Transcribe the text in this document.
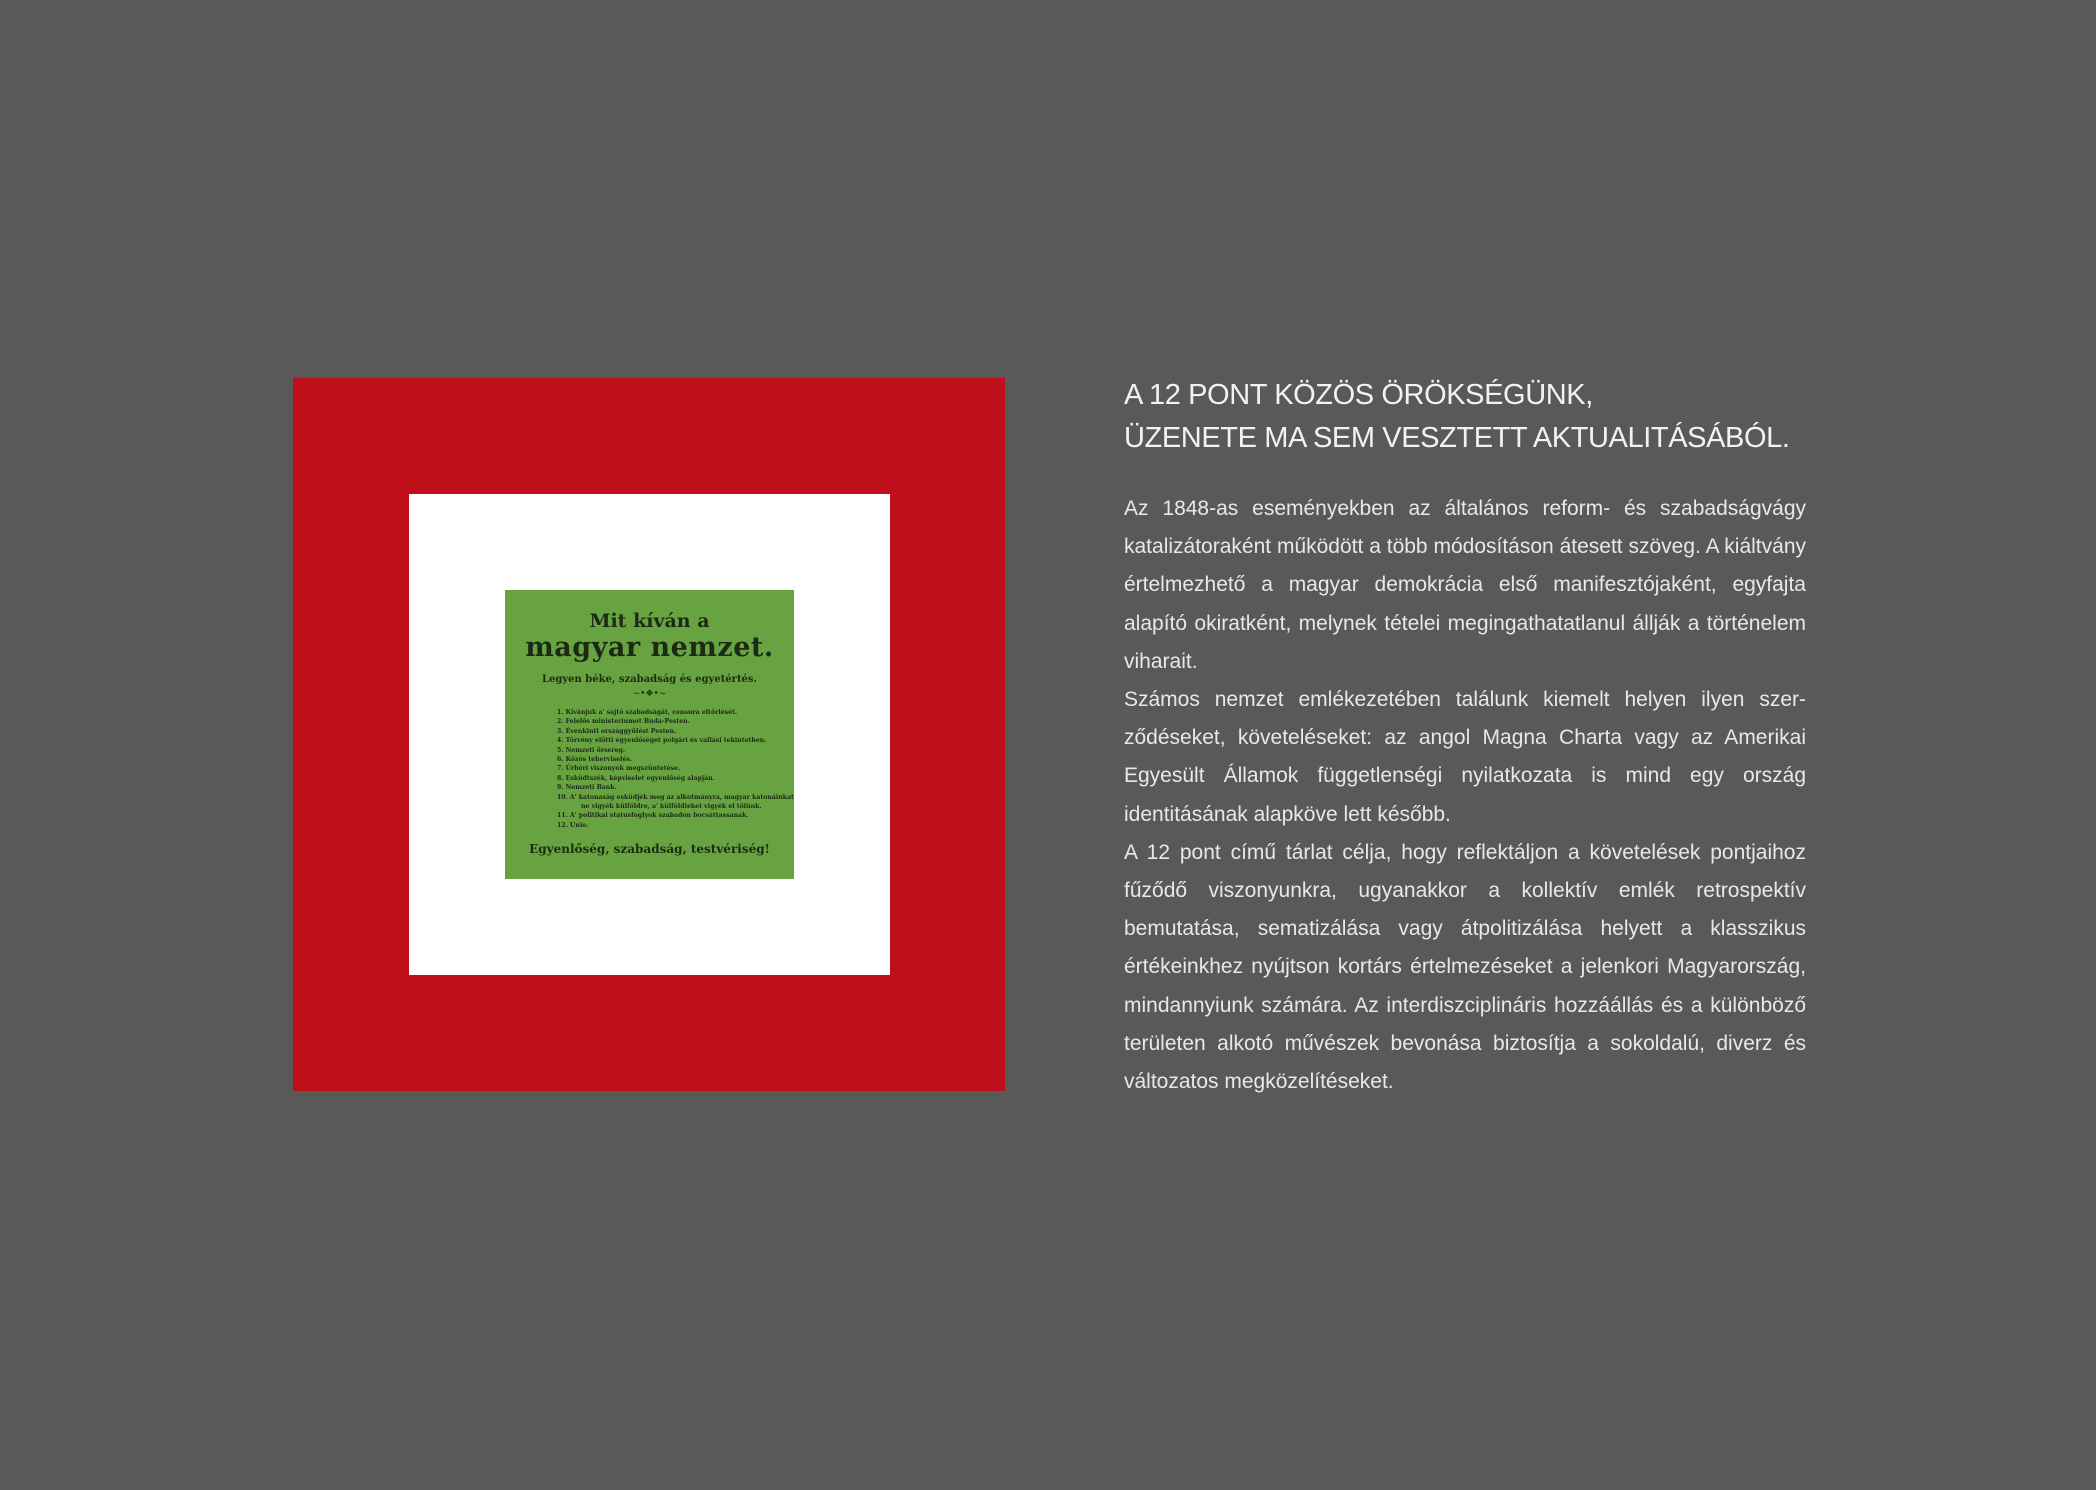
Mit kíván a
magyar nemzet.
Legyen béke, szabadság és egyetértés.
~•❖•~
1. Kívánjuk a' sajtó szabadságát, censura eltörlését.
2. Felelős ministeriumot Buda-Pesten.
3. Évenkinti országgyűlést Pesten.
4. Törvény előtti egyenlőséget polgári és vallási tekintetben.
5. Nemzeti őrsereg.
6. Közös teherviselés.
7. Úrbéri viszonyok megszüntetése.
8. Esküdtszék, képviselet egyenlőség alapján.
9. Nemzeti Bank.
10. A' katonaság esküdjék meg az alkotmányra, magyar katonáinkat
ne vigyék külföldre, a' külföldieket vigyék el tőlünk.
11. A' politikai statusfoglyok szabadon bocsáttassanak.
12. Unio.
Egyenlőség, szabadság, testvériség!
A 12 PONT KÖZÖS ÖRÖKSÉGÜNK,
ÜZENETE MA SEM VESZTETT AKTUALITÁSÁBÓL.

Az 1848-as eseményekben az általános reform- és szabadságvágy katalizátoraként működött a több módosításon átesett szöveg. A kiáltvány értelmezhető a magyar demokrácia első manifesztójaként, egyfajta alapító okiratként, melynek tételei megingathatatlanul állják a történelem viharait.

Számos nemzet emlékezetében találunk kiemelt helyen ilyen szerződéseket, követeléseket: az angol Magna Charta vagy az Amerikai Egyesült Államok függetlenségi nyilatkozata is mind egy ország identitásának alapköve lett később.

A 12 pont című tárlat célja, hogy reflektáljon a követelések pontjaihoz fűződő viszonyunkra, ugyanakkor a kollektív emlék retrospektív bemutatása, sematizálása vagy átpolitizálása helyett a klasszikus értékeinkhez nyújtson kortárs értelmezéseket a jelenkori Magyarország, mindannyiunk számára. Az interdiszciplináris hozzáállás és a különböző területen alkotó művészek bevonása biztosítja a sokoldalú, diverz és változatos megközelítéseket.
